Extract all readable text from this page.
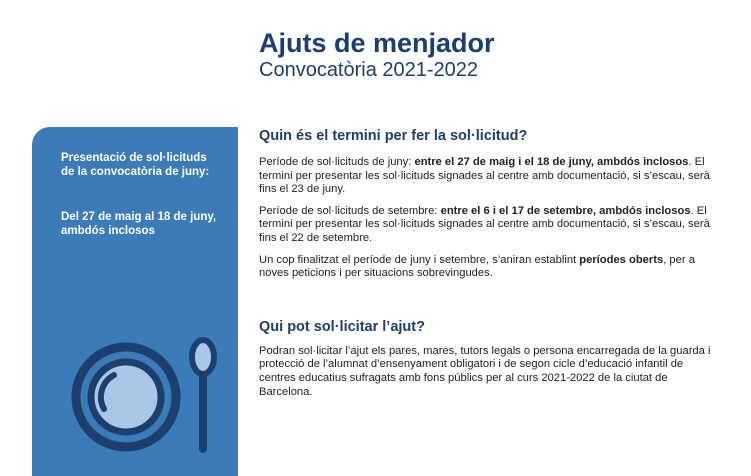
Ajuts de menjador
Convocatòria 2021-2022
Presentació de sol·licituds de la convocatòria de juny:
Del 27 de maig al 18 de juny, ambdós inclosos
Quin és el termini per fer la sol·licitud?

Període de sol·licituds de juny: entre el 27 de maig i el 18 de juny, ambdós inclosos. El termini per presentar les sol·licituds signades al centre amb documentació, si s’escau, serà fins el 23 de juny.

Període de sol·licituds de setembre: entre el 6 i el 17 de setembre, ambdós inclosos. El termini per presentar les sol·licituds signades al centre amb documentació, si s’escau, serà fins el 22 de setembre.

Un cop finalitzat el període de juny i setembre, s’aniran establint períodes oberts, per a noves peticions i per situacions sobrevingudes.

Qui pot sol·licitar l’ajut?

Podran sol·licitar l’ajut els pares, mares, tutors legals o persona encarregada de la guarda i protecció de l’alumnat d’ensenyament obligatori i de segon cicle d’educació infantil de centres educatius sufragats amb fons públics per al curs 2021-2022 de la ciutat de Barcelona.
